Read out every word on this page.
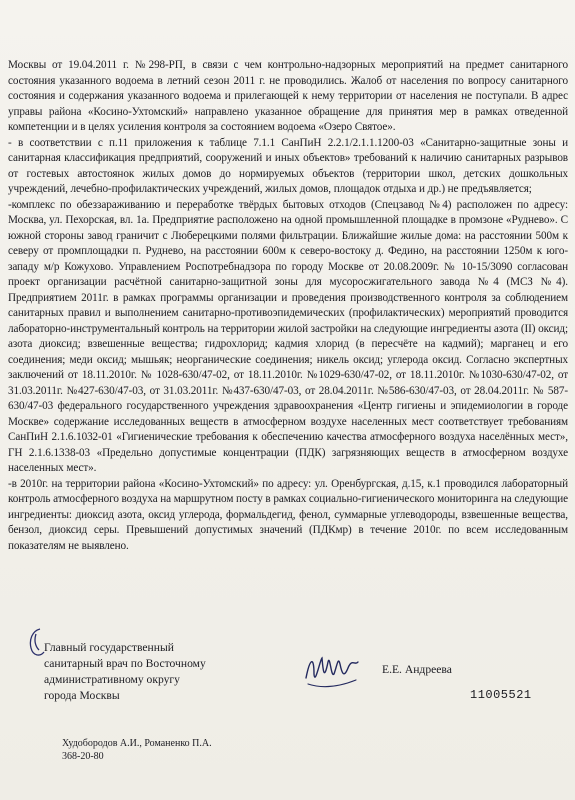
Москвы от 19.04.2011 г. №298-РП, в связи с чем контрольно-надзорных мероприятий на предмет санитарного состояния указанного водоема в летний сезон 2011 г. не проводились. Жалоб от населения по вопросу санитарного состояния и содержания указанного водоема и прилегающей к нему территории от населения не поступали. В адрес управы района «Косино-Ухтомский» направлено указанное обращение для принятия мер в рамках отведенной компетенции и в целях усиления контроля за состоянием водоема «Озеро Святое».

- в соответствии с п.11 приложения к таблице 7.1.1 СанПиН 2.2.1/2.1.1.1200-03 «Санитарно-защитные зоны и санитарная классификация предприятий, сооружений и иных объектов» требований к наличию санитарных разрывов от гостевых автостоянок жилых домов до нормируемых объектов (территории школ, детских дошкольных учреждений, лечебно-профилактических учреждений, жилых домов, площадок отдыха и др.) не предъявляется;

-комплекс по обеззараживанию и переработке твёрдых бытовых отходов (Спецзавод №4) расположен по адресу: Москва, ул. Пехорская, вл. 1а. Предприятие расположено на одной промышленной площадке в промзоне «Руднево». С южной стороны завод граничит с Люберецкими полями фильтрации. Ближайшие жилые дома: на расстоянии 500м к северу от промплощадки п. Руднево, на расстоянии 600м к северо-востоку д. Федино, на расстоянии 1250м к юго-западу м/р Кожухово. Управлением Роспотребнадзора по городу Москве от 20.08.2009г. № 10-15/3090 согласован проект организации расчётной санитарно-защитной зоны для мусоросжигательного завода №4 (МСЗ №4). Предприятием 2011г. в рамках программы организации и проведения производственного контроля за соблюдением санитарных правил и выполнением санитарно-противоэпидемических (профилактических) мероприятий проводится лабораторно-инструментальный контроль на территории жилой застройки на следующие ингредиенты азота (II) оксид; азота диоксид; взвешенные вещества; гидрохлорид; кадмия хлорид (в пересчёте на кадмий); марганец и его соединения; меди оксид; мышьяк; неорганические соединения; никель оксид; углерода оксид. Согласно экспертных заключений от 18.11.2010г. № 1028-630/47-02, от 18.11.2010г. №1029-630/47-02, от 18.11.2010г. №1030-630/47-02, от 31.03.2011г. №427-630/47-03, от 31.03.2011г. №437-630/47-03, от 28.04.2011г. №586-630/47-03, от 28.04.2011г. № 587-630/47-03 федерального государственного учреждения здравоохранения «Центр гигиены и эпидемиологии в городе Москве» содержание исследованных веществ в атмосферном воздухе населенных мест соответствует требованиям СанПиН 2.1.6.1032-01 «Гигиенические требования к обеспечению качества атмосферного воздуха населённых мест», ГН 2.1.6.1338-03 «Предельно допустимые концентрации (ПДК) загрязняющих веществ в атмосферном воздухе населенных мест».

-в 2010г. на территории района «Косино-Ухтомский» по адресу: ул. Оренбургская, д.15, к.1 проводился лабораторный контроль атмосферного воздуха на маршрутном посту в рамках социально-гигиенического мониторинга на следующие ингредиенты: диоксид азота, оксид углерода, формальдегид, фенол, суммарные углеводороды, взвешенные вещества, бензол, диоксид серы. Превышений допустимых значений (ПДКмр) в течение 2010г. по всем исследованным показателям не выявлено.

Главный государственный
санитарный врач по Восточному
административному округу
города Москвы
Е.Е. Андреева
11005521
Худобородов А.И., Романенко П.А.
368-20-80
